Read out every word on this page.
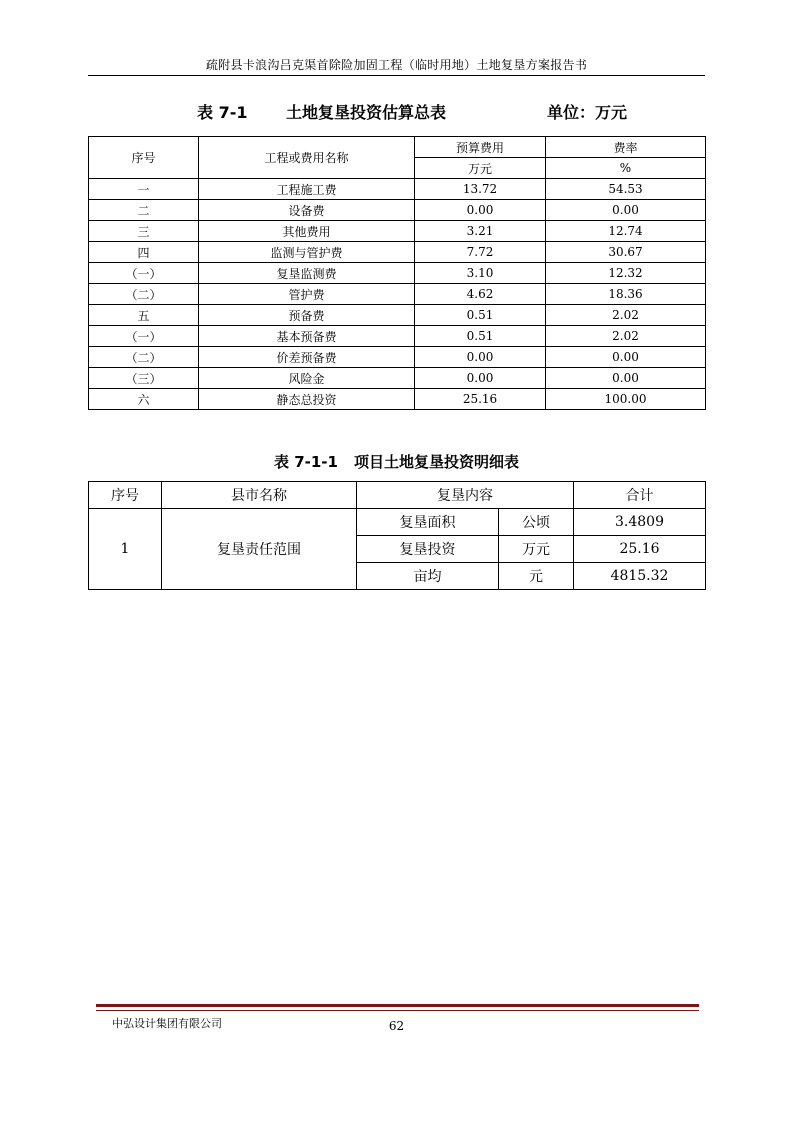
疏附县卡浪沟吕克渠首除险加固工程（临时用地）土地复垦方案报告书
表 7-1 土地复垦投资估算总表	单位：万元
序号	工程或费用名称	预算费用	费率
		万元	%
一	工程施工费	13.72	54.53
二	设备费	0.00	0.00
三	其他费用	3.21	12.74
四	监测与管护费	7.72	30.67
（一）	复垦监测费	3.10	12.32
（二）	管护费	4.62	18.36
五	预备费	0.51	2.02
（一）	基本预备费	0.51	2.02
（二）	价差预备费	0.00	0.00
（三）	风险金	0.00	0.00
六	静态总投资	25.16	100.00
表 7-1-1 项目土地复垦投资明细表
序号	县市名称	复垦内容		合计
1	复垦责任范围	复垦面积	公顷	3.4809
		复垦投资	万元	25.16
		亩均	元	4815.32
中弘设计集团有限公司	62
